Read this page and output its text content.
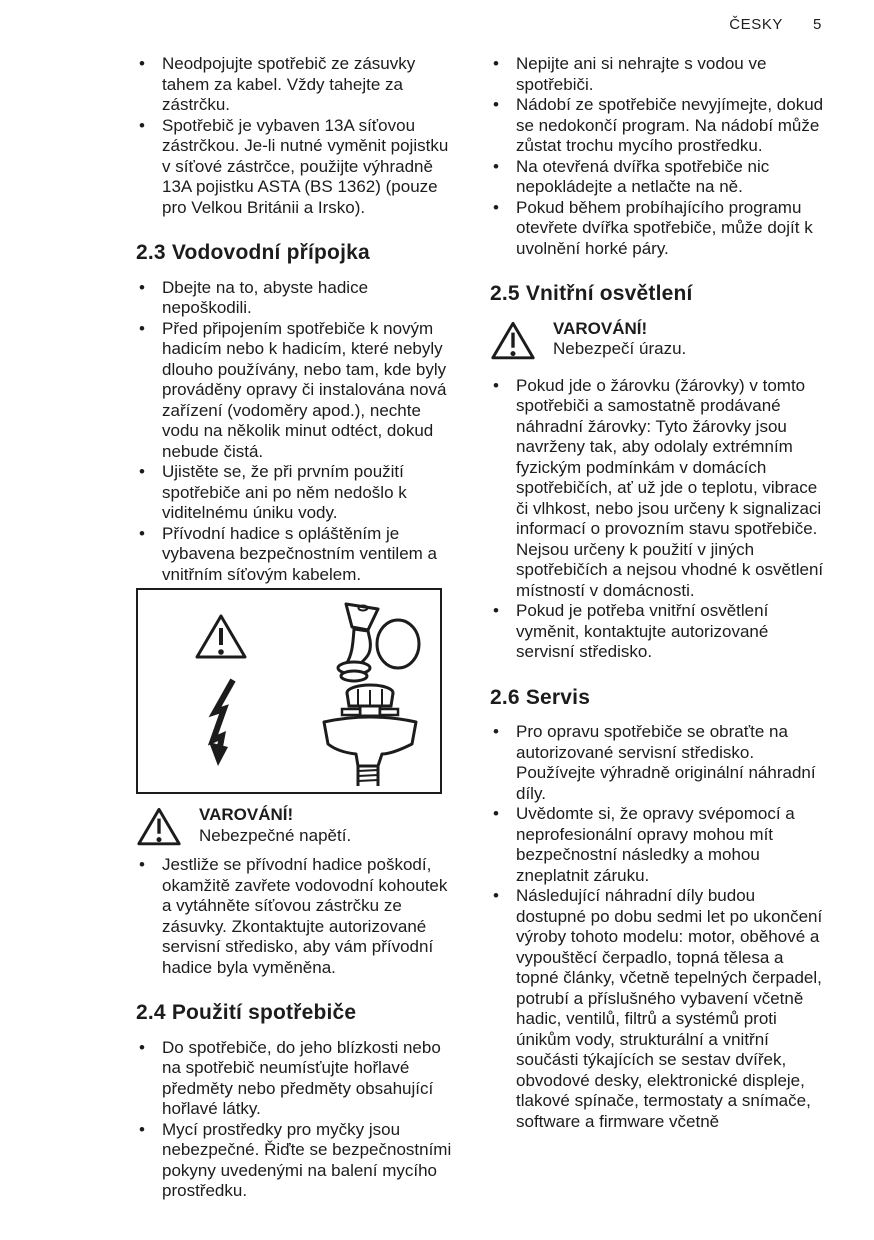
ČESKY 5
• Neodpojujte spotřebič ze zásuvky tahem za kabel. Vždy tahejte za zástrčku.
• Spotřebič je vybaven 13A síťovou zástrčkou. Je-li nutné vyměnit pojistku v síťové zástrčce, použijte výhradně 13A pojistku ASTA (BS 1362) (pouze pro Velkou Británii a Irsko).
2.3 Vodovodní přípojka
• Dbejte na to, abyste hadice nepoškodili.
• Před připojením spotřebiče k novým hadicím nebo k hadicím, které nebyly dlouho používány, nebo tam, kde byly prováděny opravy či instalována nová zařízení (vodoměry apod.), nechte vodu na několik minut odtéct, dokud nebude čistá.
• Ujistěte se, že při prvním použití spotřebiče ani po něm nedošlo k viditelnému úniku vody.
• Přívodní hadice s opláštěním je vybavena bezpečnostním ventilem a vnitřním síťovým kabelem.
VAROVÁNÍ!
Nebezpečné napětí.
• Jestliže se přívodní hadice poškodí, okamžitě zavřete vodovodní kohoutek a vytáhněte síťovou zástrčku ze zásuvky. Zkontaktujte autorizované servisní středisko, aby vám přívodní hadice byla vyměněna.
2.4 Použití spotřebiče
• Do spotřebiče, do jeho blízkosti nebo na spotřebič neumísťujte hořlavé předměty nebo předměty obsahující hořlavé látky.
• Mycí prostředky pro myčky jsou nebezpečné. Řiďte se bezpečnostními pokyny uvedenými na balení mycího prostředku.
• Nepijte ani si nehrajte s vodou ve spotřebiči.
• Nádobí ze spotřebiče nevyjímejte, dokud se nedokončí program. Na nádobí může zůstat trochu mycího prostředku.
• Na otevřená dvířka spotřebiče nic nepokládejte a netlačte na ně.
• Pokud během probíhajícího programu otevřete dvířka spotřebiče, může dojít k uvolnění horké páry.
2.5 Vnitřní osvětlení
VAROVÁNÍ!
Nebezpečí úrazu.
• Pokud jde o žárovku (žárovky) v tomto spotřebiči a samostatně prodávané náhradní žárovky: Tyto žárovky jsou navrženy tak, aby odolaly extrémním fyzickým podmínkám v domácích spotřebičích, ať už jde o teplotu, vibrace či vlhkost, nebo jsou určeny k signalizaci informací o provozním stavu spotřebiče. Nejsou určeny k použití v jiných spotřebičích a nejsou vhodné k osvětlení místností v domácnosti.
• Pokud je potřeba vnitřní osvětlení vyměnit, kontaktujte autorizované servisní středisko.
2.6 Servis
• Pro opravu spotřebiče se obraťte na autorizované servisní středisko. Používejte výhradně originální náhradní díly.
• Uvědomte si, že opravy svépomocí a neprofesionální opravy mohou mít bezpečnostní následky a mohou zneplatnit záruku.
• Následující náhradní díly budou dostupné po dobu sedmi let po ukončení výroby tohoto modelu: motor, oběhové a vypouštěcí čerpadlo, topná tělesa a topné články, včetně tepelných čerpadel, potrubí a příslušného vybavení včetně hadic, ventilů, filtrů a systémů proti únikům vody, strukturální a vnitřní součásti týkajících se sestav dvířek, obvodové desky, elektronické displeje, tlakové spínače, termostaty a snímače, software a firmware včetně
